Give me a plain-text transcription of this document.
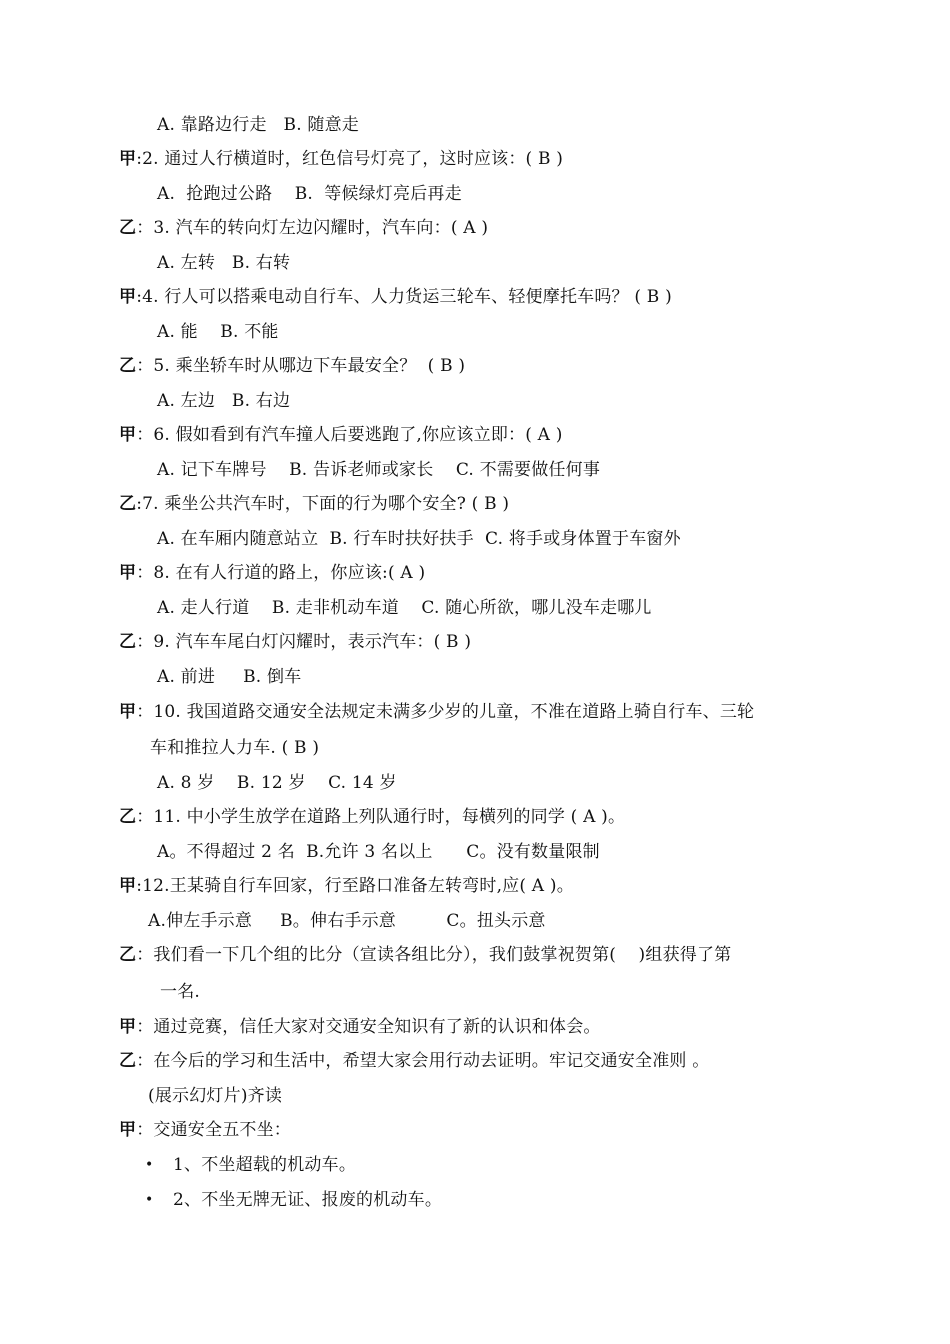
A. 靠路边行走   B. 随意走
甲:2. 通过人行横道时，红色信号灯亮了，这时应该：( B )
A.  抢跑过公路    B.  等候绿灯亮后再走
乙：3. 汽车的转向灯左边闪耀时，汽车向：( A )
A. 左转   B. 右转
甲:4. 行人可以搭乘电动自行车、人力货运三轮车、轻便摩托车吗？ ( B )
A. 能    B. 不能
乙：5. 乘坐轿车时从哪边下车最安全？  ( B )
A. 左边   B. 右边
甲：6. 假如看到有汽车撞人后要逃跑了,你应该立即：( A )
A. 记下车牌号    B. 告诉老师或家长    C. 不需要做任何事
乙:7. 乘坐公共汽车时，下面的行为哪个安全? ( B )
A. 在车厢内随意站立  B. 行车时扶好扶手  C. 将手或身体置于车窗外
甲：8. 在有人行道的路上，你应该:( A )
A. 走人行道    B. 走非机动车道    C. 随心所欲，哪儿没车走哪儿
乙：9. 汽车车尾白灯闪耀时，表示汽车：( B )
A. 前进     B. 倒车
甲：10. 我国道路交通安全法规定未满多少岁的儿童，不准在道路上骑自行车、三轮
车和推拉人力车. ( B )
A. 8 岁    B. 12 岁    C. 14 岁
乙：11. 中小学生放学在道路上列队通行时，每横列的同学 ( A )。
A。不得超过 2 名  B.允许 3 名以上      C。没有数量限制
甲:12.王某骑自行车回家，行至路口准备左转弯时,应( A )。
A.伸左手示意     B。伸右手示意         C。扭头示意
乙：我们看一下几个组的比分（宣读各组比分），我们鼓掌祝贺第(    )组获得了第
一名.
甲：通过竞赛，信任大家对交通安全知识有了新的认识和体会。
乙：在今后的学习和生活中，希望大家会用行动去证明。牢记交通安全准则 。
(展示幻灯片)齐读
甲：交通安全五不坐：
• 1、不坐超载的机动车。
• 2、不坐无牌无证、报废的机动车。
